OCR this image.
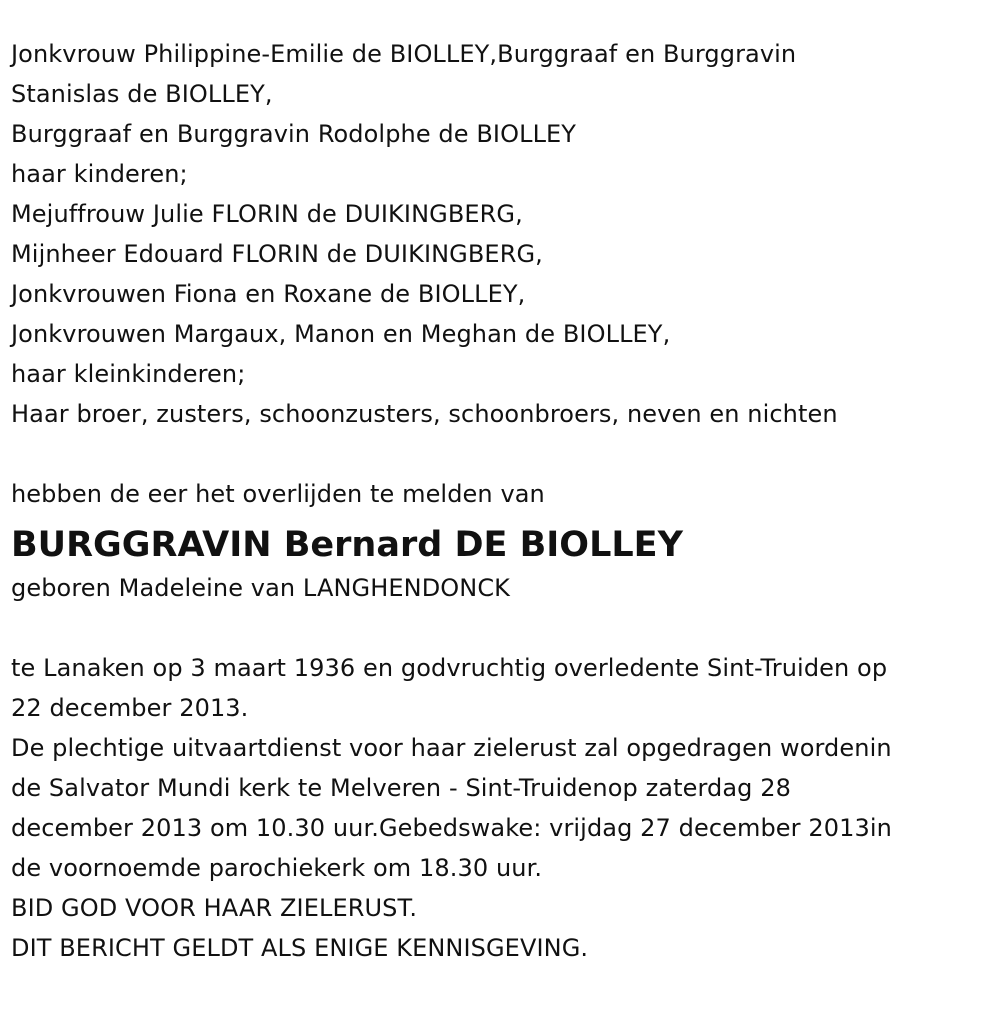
Jonkvrouw Philippine-Emilie de BIOLLEY,Burggraaf en Burggravin
Stanislas de BIOLLEY,
Burggraaf en Burggravin Rodolphe de BIOLLEY
haar kinderen;
Mejuffrouw Julie FLORIN de DUIKINGBERG,
Mijnheer Edouard FLORIN de DUIKINGBERG,
Jonkvrouwen Fiona en Roxane de BIOLLEY,
Jonkvrouwen Margaux, Manon en Meghan de BIOLLEY,
haar kleinkinderen;
Haar broer, zusters, schoonzusters, schoonbroers, neven en nichten
hebben de eer het overlijden te melden van
BURGGRAVIN Bernard DE BIOLLEY
geboren Madeleine van LANGHENDONCK
te Lanaken op 3 maart 1936 en godvruchtig overledente Sint-Truiden op
22 december 2013.
De plechtige uitvaartdienst voor haar zielerust zal opgedragen wordenin
de Salvator Mundi kerk te Melveren - Sint-Truidenop zaterdag 28
december 2013 om 10.30 uur.Gebedswake: vrijdag 27 december 2013in
de voornoemde parochiekerk om 18.30 uur.
BID GOD VOOR HAAR ZIELERUST.
DIT BERICHT GELDT ALS ENIGE KENNISGEVING.
